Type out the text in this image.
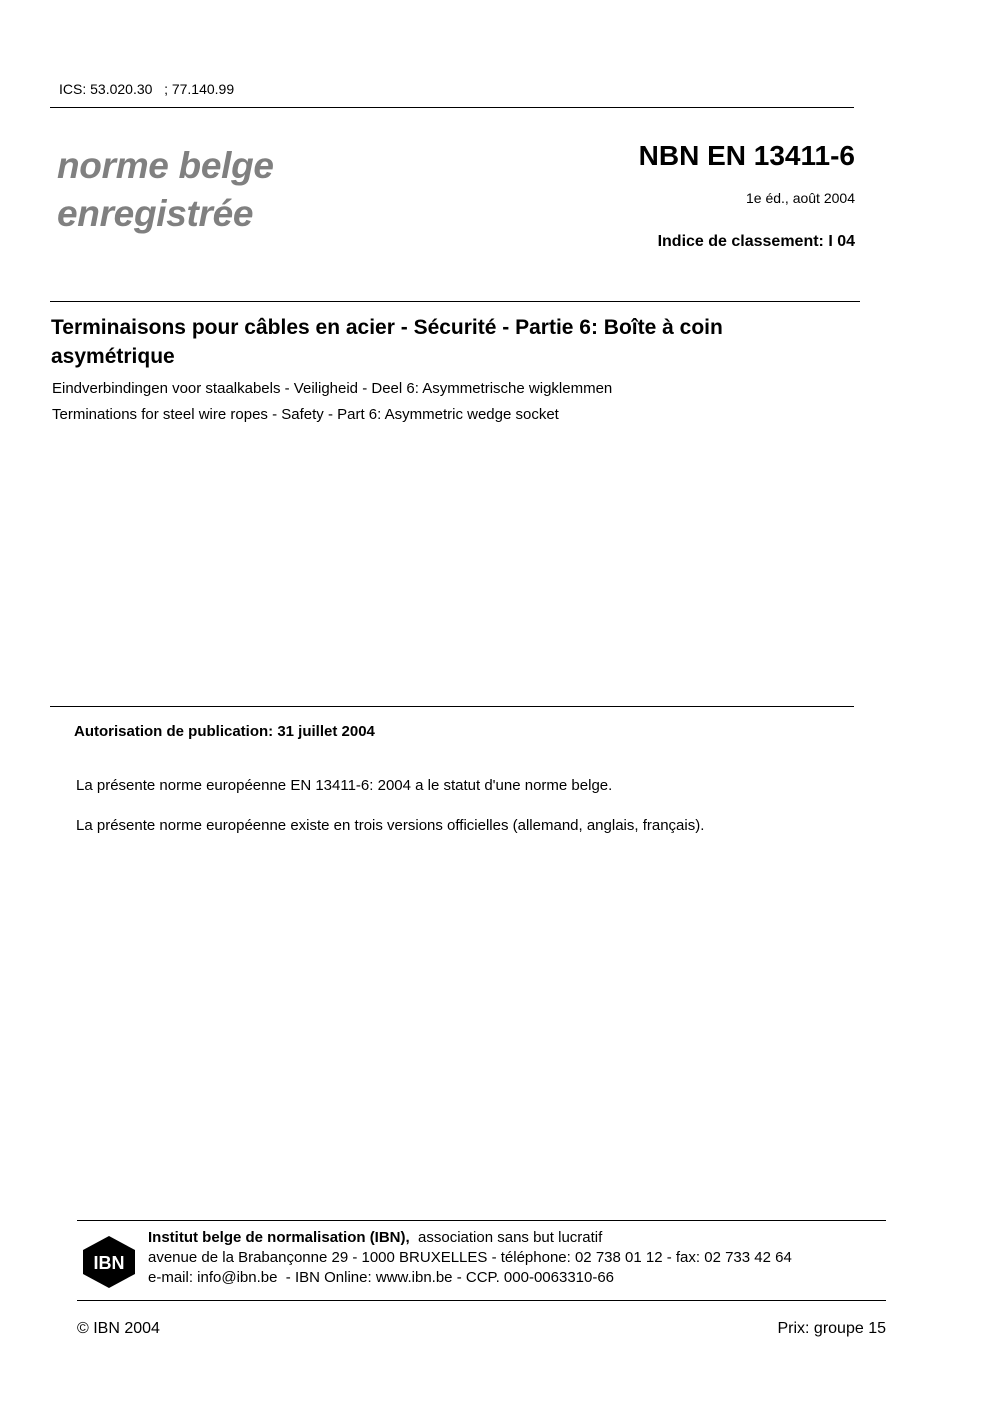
ICS: 53.020.30   ; 77.140.99
norme belge
enregistrée
NBN EN 13411-6
1e éd., août 2004
Indice de classement: I 04
Terminaisons pour câbles en acier - Sécurité - Partie 6: Boîte à coin asymétrique
Eindverbindingen voor staalkabels - Veiligheid - Deel 6: Asymmetrische wigklemmen
Terminations for steel wire ropes - Safety - Part 6: Asymmetric wedge socket
Autorisation de publication: 31 juillet 2004
La présente norme européenne EN 13411-6: 2004 a le statut d'une norme belge.
La présente norme européenne existe en trois versions officielles (allemand, anglais, français).
IBN
Institut belge de normalisation (IBN),  association sans but lucratif
avenue de la Brabançonne 29 - 1000 BRUXELLES - téléphone: 02 738 01 12 - fax: 02 733 42 64
e-mail: info@ibn.be  - IBN Online: www.ibn.be - CCP. 000-0063310-66
© IBN 2004	Prix: groupe 15
